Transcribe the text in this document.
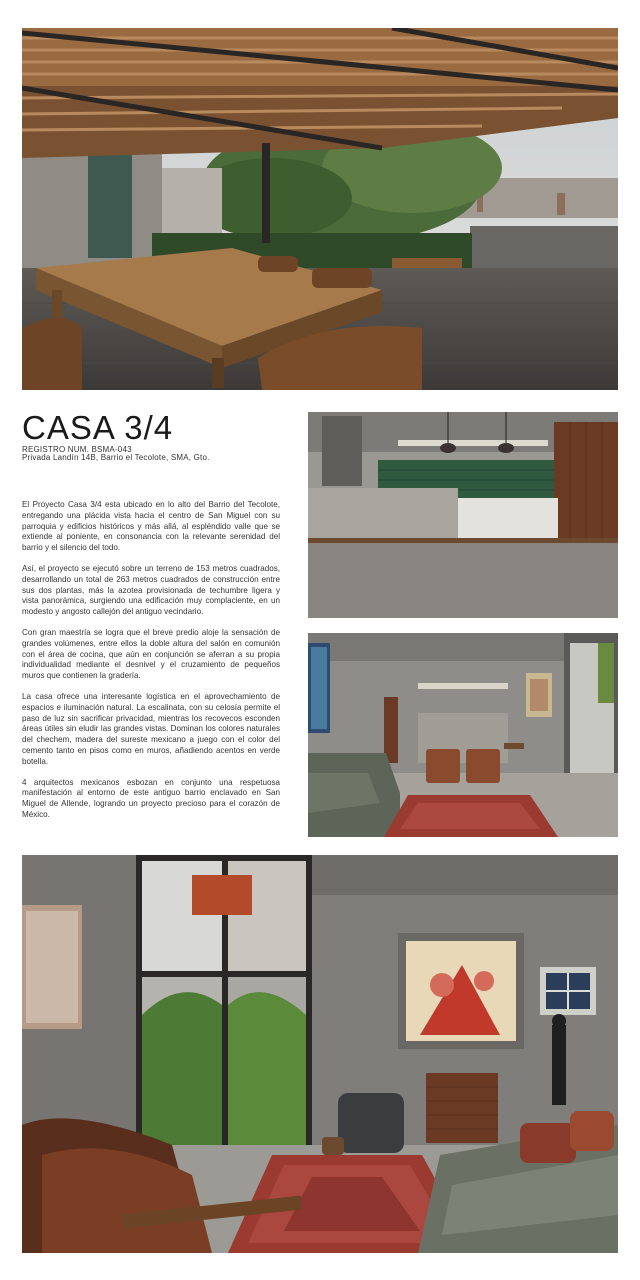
CASA 3/4
REGISTRO NUM. BSMA-043
Privada Landín 14B, Barrio el Tecolote, SMA, Gto.

El Proyecto Casa 3/4 esta ubicado en lo alto del Barrio del Tecolote, entregando una plácida vista hacia el centro de San Miguel con su parroquia y edificios históricos y más allá, al espléndido valle que se extiende al poniente, en consonancia con la relevante serenidad del barrio y el silencio del todo.

Así, el proyecto se ejecutó sobre un terreno de 153 metros cuadrados, desarrollando un total de 263 metros cuadrados de construcción entre sus dos plantas, más la azotea provisionada de techumbre ligera y vista panorámica, surgiendo una edificación muy complaciente, en un modesto y angosto callejón del antiguo vecindario.

Con gran maestría se logra que el breve predio aloje la sensación de grandes volúmenes, entre ellos la doble altura del salón en comunión con el área de cocina, que aún en conjunción se aferran a su propia individualidad mediante el desnivel y el cruzamiento de pequeños muros que contienen la gradería.

La casa ofrece una interesante logística en el aprovechamiento de espacios e iluminación natural. La escalinata, con su celosía permite el paso de luz sin sacrificar privacidad, mientras los recovecos esconden áreas útiles sin eludir las grandes vistas. Dominan los colores naturales del chechem, madera del sureste mexicano a juego con el color del cemento tanto en pisos como en muros, añadiendo acentos en verde botella.

4 arquitectos mexicanos esbozan en conjunto una respetuosa manifestación al entorno de este antiguo barrio enclavado en San Miguel de Allende, logrando un proyecto precioso para el corazón de México.
